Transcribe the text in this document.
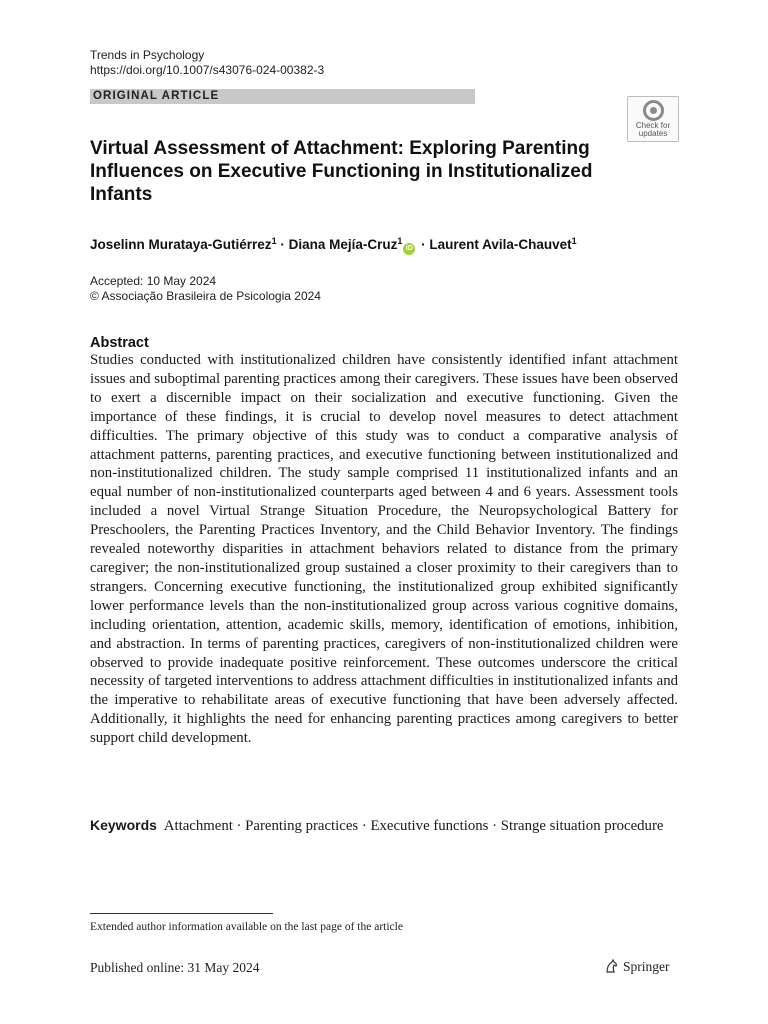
Trends in Psychology
https://doi.org/10.1007/s43076-024-00382-3
ORIGINAL ARTICLE
Check for
updates
Virtual Assessment of Attachment: Exploring Parenting
Influences on Executive Functioning in Institutionalized
Infants
Joselinn Murataya-Gutiérrez$^1$ · Diana Mejía-Cruz$^1$iD · Laurent Avila-Chauvet$^1$
Accepted: 10 May 2024
© Associação Brasileira de Psicologia 2024
Abstract

Studies conducted with institutionalized children have consistently identified infant attachment issues and suboptimal parenting practices among their caregivers. These issues have been observed to exert a discernible impact on their socialization and executive functioning. Given the importance of these findings, it is crucial to develop novel measures to detect attachment difficulties. The primary objective of this study was to conduct a comparative analysis of attachment patterns, parenting practices, and executive functioning between institutionalized and non-institutionalized children. The study sample comprised 11 institutionalized infants and an equal number of non-institutionalized counterparts aged between 4 and 6 years. Assessment tools included a novel Virtual Strange Situation Procedure, the Neuropsychological Battery for Preschoolers, the Parenting Practices Inventory, and the Child Behavior Inventory. The findings revealed noteworthy disparities in attachment behaviors related to distance from the primary caregiver; the non-institutionalized group sustained a closer proximity to their caregivers than to strangers. Concerning executive functioning, the institutionalized group exhibited significantly lower performance levels than the non-institutionalized group across various cognitive domains, including orientation, attention, academic skills, memory, identification of emotions, inhibition, and abstraction. In terms of parenting practices, caregivers of non-institutionalized children were observed to provide inadequate positive reinforcement. These outcomes underscore the critical necessity of targeted interventions to address attachment difficulties in institutionalized infants and the imperative to rehabilitate areas of executive functioning that have been adversely affected. Additionally, it highlights the need for enhancing parenting practices among caregivers to better support child development.

Keywords Attachment · Parenting practices · Executive functions · Strange situation procedure
Extended author information available on the last page of the article
Published online: 31 May 2024	Springer
